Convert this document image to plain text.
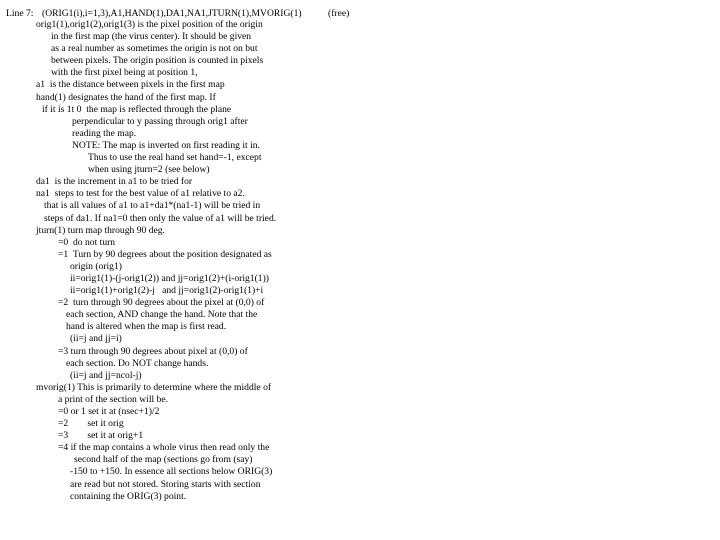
Line 7: (ORIG1(i),i=1,3),A1,HAND(1),DA1,NA1,JTURN(1),MVORIG(1)	(free)
orig1(1),orig1(2),orig1(3) is the pixel position of the origin
in the first map (the virus center). It should be given
as a real number as sometimes the origin is not on but
between pixels. The origin position is counted in pixels
with the first pixel being at position 1,
a1  is the distance between pixels in the first map
hand(1) designates the hand of the first map. If
if it is 1t 0  the map is reflected through the plane
perpendicular to y passing through orig1 after
reading the map.
NOTE: The map is inverted on first reading it in.
Thus to use the real hand set hand=-1, except
when using jturn=2 (see below)
da1  is the increment in a1 to be tried for
na1  steps to test for the best value of a1 relative to a2.
that is all values of a1 to a1+da1*(na1-1) will be tried in
steps of da1. If na1=0 then only the value of a1 will be tried.
jturn(1) turn map through 90 deg.
=0  do not turn
=1  Turn by 90 degrees about the position designated as
origin (orig1)
ii=orig1(1)-(j-orig1(2)) and jj=orig1(2)+(i-orig1(1))
ii=orig1(1)+orig1(2)-j   and jj=orig1(2)-orig1(1)+i
=2  turn through 90 degrees about the pixel at (0,0) of
each section, AND change the hand. Note that the
hand is altered when the map is first read.
(ii=j and jj=i)
=3 turn through 90 degrees about pixel at (0,0) of
each section. Do NOT change hands.
(ii=j and jj=ncol-j)
mvorig(1) This is primarily to determine where the middle of
a print of the section will be.
=0 or 1 set it at (nsec+1)/2
=2        set it orig
=3        set it at orig+1
=4 if the map contains a whole virus then read only the
second half of the map (sections go from (say)
-150 to +150. In essence all sections below ORIG(3)
are read but not stored. Storing starts with section
containing the ORIG(3) point.
